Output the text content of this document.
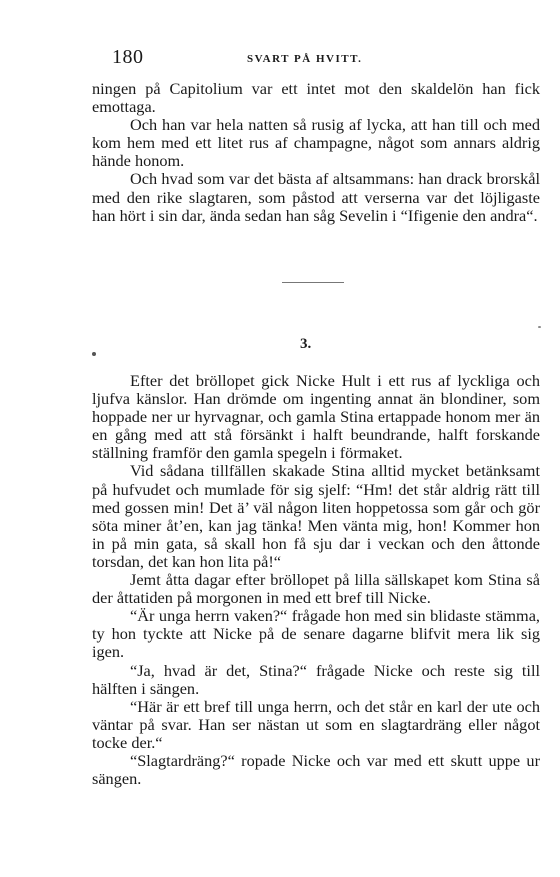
180	SVART PÅ HVITT.

ningen på Capitolium var ett intet mot den skaldelön han fick emottaga.

Och han var hela natten så rusig af lycka, att han till och med kom hem med ett litet rus af champagne, något som annars aldrig hände honom.

Och hvad som var det bästa af altsammans: han drack brorskål med den rike slagtaren, som påstod att verserna var det löjligaste han hört i sin dar, ända sedan han såg Sevelin i “Ifigenie den andra“.

3.

Efter det bröllopet gick Nicke Hult i ett rus af lyckliga och ljufva känslor. Han drömde om ingenting annat än blondiner, som hoppade ner ur hyrvagnar, och gamla Stina ertappade honom mer än en gång med att stå försänkt i halft beundrande, halft forskande ställning framför den gamla spegeln i förmaket.

Vid sådana tillfällen skakade Stina alltid mycket betänksamt på hufvudet och mumlade för sig sjelf: “Hm! det står aldrig rätt till med gossen min! Det ä’ väl någon liten hoppetossa som går och gör söta miner åt’en, kan jag tänka! Men vänta mig, hon! Kommer hon in på min gata, så skall hon få sju dar i veckan och den åttonde torsdan, det kan hon lita på!“

Jemt åtta dagar efter bröllopet på lilla sällskapet kom Stina så der åttatiden på morgonen in med ett bref till Nicke.

“Är unga herrn vaken?“ frågade hon med sin blidaste stämma, ty hon tyckte att Nicke på de senare dagarne blifvit mera lik sig igen.

“Ja, hvad är det, Stina?“ frågade Nicke och reste sig till hälften i sängen.

“Här är ett bref till unga herrn, och det står en karl der ute och väntar på svar. Han ser nästan ut som en slagtardräng eller något tocke der.“

“Slagtardräng?“ ropade Nicke och var med ett skutt uppe ur sängen.
